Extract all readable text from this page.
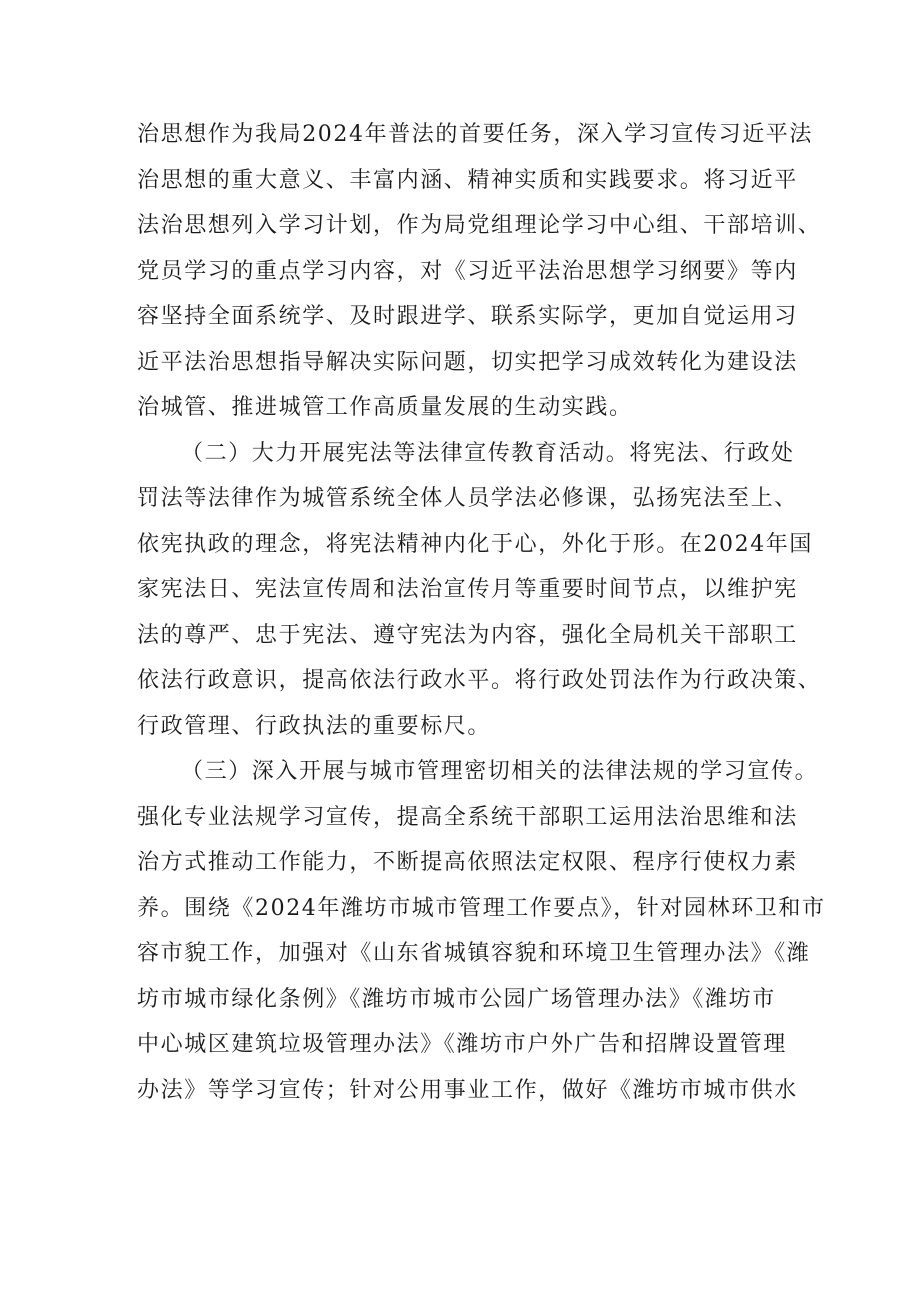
治思想作为我局2024年普法的首要任务，深入学习宣传习近平法
治思想的重大意义、丰富内涵、精神实质和实践要求。将习近平
法治思想列入学习计划，作为局党组理论学习中心组、干部培训、
党员学习的重点学习内容，对《习近平法治思想学习纲要》等内
容坚持全面系统学、及时跟进学、联系实际学，更加自觉运用习
近平法治思想指导解决实际问题，切实把学习成效转化为建设法
治城管、推进城管工作高质量发展的生动实践。
（二）大力开展宪法等法律宣传教育活动。将宪法、行政处
罚法等法律作为城管系统全体人员学法必修课，弘扬宪法至上、
依宪执政的理念，将宪法精神内化于心，外化于形。在2024年国
家宪法日、宪法宣传周和法治宣传月等重要时间节点，以维护宪
法的尊严、忠于宪法、遵守宪法为内容，强化全局机关干部职工
依法行政意识，提高依法行政水平。将行政处罚法作为行政决策、
行政管理、行政执法的重要标尺。
（三）深入开展与城市管理密切相关的法律法规的学习宣传。
强化专业法规学习宣传，提高全系统干部职工运用法治思维和法
治方式推动工作能力，不断提高依照法定权限、程序行使权力素
养。围绕《2024年潍坊市城市管理工作要点》，针对园林环卫和市
容市貌工作，加强对《山东省城镇容貌和环境卫生管理办法》《潍
坊市城市绿化条例》《潍坊市城市公园广场管理办法》《潍坊市
中心城区建筑垃圾管理办法》《潍坊市户外广告和招牌设置管理
办法》等学习宣传；针对公用事业工作，做好《潍坊市城市供水
